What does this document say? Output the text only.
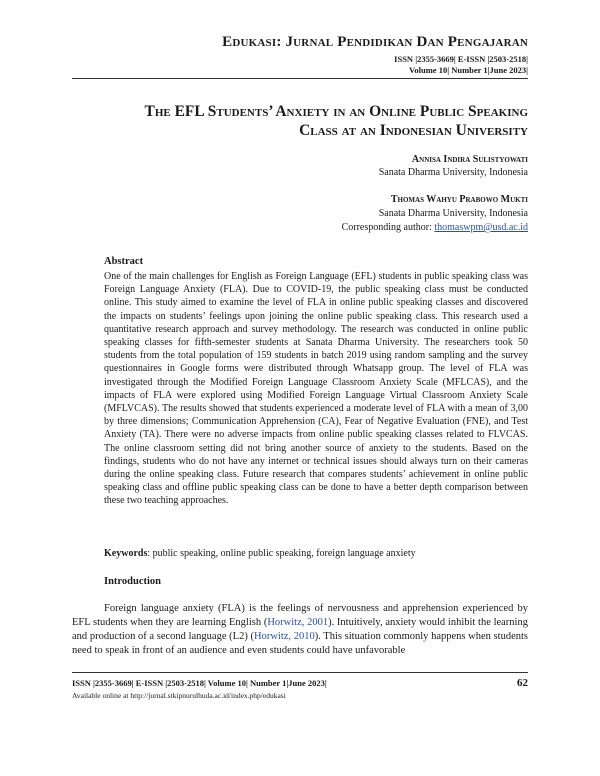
Edukasi: Jurnal Pendidikan Dan Pengajaran
ISSN |2355-3669| E-ISSN |2503-2518|
Volume 10| Number 1|June 2023|
The EFL Students’ Anxiety in an Online Public Speaking
Class at an Indonesian University
Annisa Indira Sulistyowati
Sanata Dharma University, Indonesia
Thomas Wahyu Prabowo Mukti
Sanata Dharma University, Indonesia
Corresponding author: thomaswpm@usd.ac.id
Abstract
One of the main challenges for English as Foreign Language (EFL) students in public speaking class was Foreign Language Anxiety (FLA). Due to COVID-19, the public speaking class must be conducted online. This study aimed to examine the level of FLA in online public speaking classes and discovered the impacts on students’ feelings upon joining the online public speaking class. This research used a quantitative research approach and survey methodology. The research was conducted in online public speaking classes for fifth-semester students at Sanata Dharma University. The researchers took 50 students from the total population of 159 students in batch 2019 using random sampling and the survey questionnaires in Google forms were distributed through Whatsapp group. The level of FLA was investigated through the Modified Foreign Language Classroom Anxiety Scale (MFLCAS), and the impacts of FLA were explored using Modified Foreign Language Virtual Classroom Anxiety Scale (MFLVCAS). The results showed that students experienced a moderate level of FLA with a mean of 3,00 by three dimensions; Communication Apprehension (CA), Fear of Negative Evaluation (FNE), and Test Anxiety (TA). There were no adverse impacts from online public speaking classes related to FLVCAS. The online classroom setting did not bring another source of anxiety to the students. Based on the findings, students who do not have any internet or technical issues should always turn on their cameras during the online speaking class. Future research that compares students’ achievement in online public speaking class and offline public speaking class can be done to have a better depth comparison between these two teaching approaches.
Keywords: public speaking, online public speaking, foreign language anxiety
Introduction
Foreign language anxiety (FLA) is the feelings of nervousness and apprehension experienced by EFL students when they are learning English (Horwitz, 2001). Intuitively, anxiety would inhibit the learning and production of a second language (L2) (Horwitz, 2010). This situation commonly happens when students need to speak in front of an audience and even students could have unfavorable
ISSN |2355-3669| E-ISSN |2503-2518| Volume 10| Number 1|June 2023|
Available online at http://jurnal.stkipnurulhuda.ac.id/index.php/edukasi
62
